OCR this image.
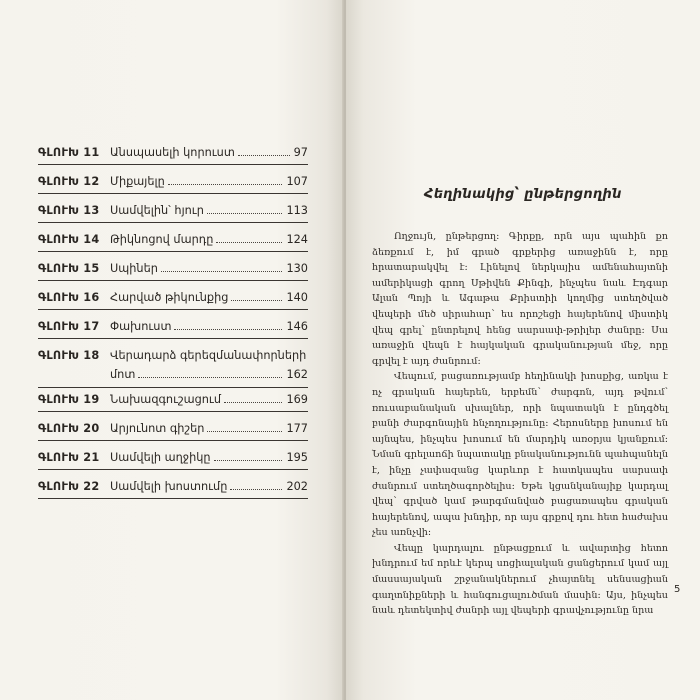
ԳԼՈՒԽ 11 Անսպասելի կորուստ	97
ԳԼՈՒԽ 12 Միքայելը	107
ԳԼՈՒԽ 13 Սամվելին՝ հյուր	113
ԳԼՈՒԽ 14 Թիկնոցով մարդը	124
ԳԼՈՒԽ 15 Սպիներ	130
ԳԼՈՒԽ 16 Հարված թիկունքից	140
ԳԼՈՒԽ 17 Փախուստ	146
ԳԼՈՒԽ 18 Վերադարձ գերեզմանափորների
մոտ	162
ԳԼՈՒԽ 19 Նախազգուշացում	169
ԳԼՈՒԽ 20 Արյունոտ գիշեր	177
ԳԼՈՒԽ 21 Սամվելի աղջիկը	195
ԳԼՈՒԽ 22 Սամվելի խոստումը	202
Հեղինակից՝ ընթերցողին

Ողջույն, ընթերցող: Գիրքը, որն այս պահին քո ձեռքում է, իմ գրած գրքերից առաջինն է, որը հրատարակվել է: Լինելով ներկայիս ամենահայտնի ամերիկացի գրող Սթիվեն Քինգի, ինչպես նաև Էդգար Ալան Պոյի և Ագաթա Քրիստիի կողմից ստեղծված վեպերի մեծ սիրահար՝ ես որոշեցի հայերենով միստիկ վեպ գրել՝ ընտրելով հենց սարսափ-թրիլեր ժանրը: Սա առաջին վեպն է հայկական գրականության մեջ, որը գրվել է այդ ժանրում:

Վեպում, բացառությամբ հեղինակի խոսքից, առկա է ոչ գրական հայերեն, երբեմն՝ ժարգոն, այդ թվում՝ ռուսաբանական սխալներ, որի նպատակն է ընդգծել բանի ժարգոնային հնչողությունը: Հերոսները խոսում են այնպես, ինչպես խոսում են մարդիկ առօրյա կյանքում: Նման գրելաոճի նպատակը բնականությունն պահպանելն է, ինչը չափազանց կարևոր է հատկապես սարսափ ժանրում ստեղծագործելիս: Եթե կցանկանայիք կարդալ վեպ՝ գրված կամ թարգմանված բացառապես գրական հայերենով, ապա խնդիր, որ այս գրքով դու հետ հաժախս չես առնչվի:

Վեպը կարդալու ընթացքում և ավարտից հետո խնդրում եմ որևէ կերպ սոցիալական ցանցերում կամ այլ մասսայական շրջանակներում չհայտնել սենսացիան գաղտնիքների և հանգուցալուծման մասին: Այս, ինչպես նաև դետեկտիվ ժանրի այլ վեպերի գրավչությունը նրա

5
